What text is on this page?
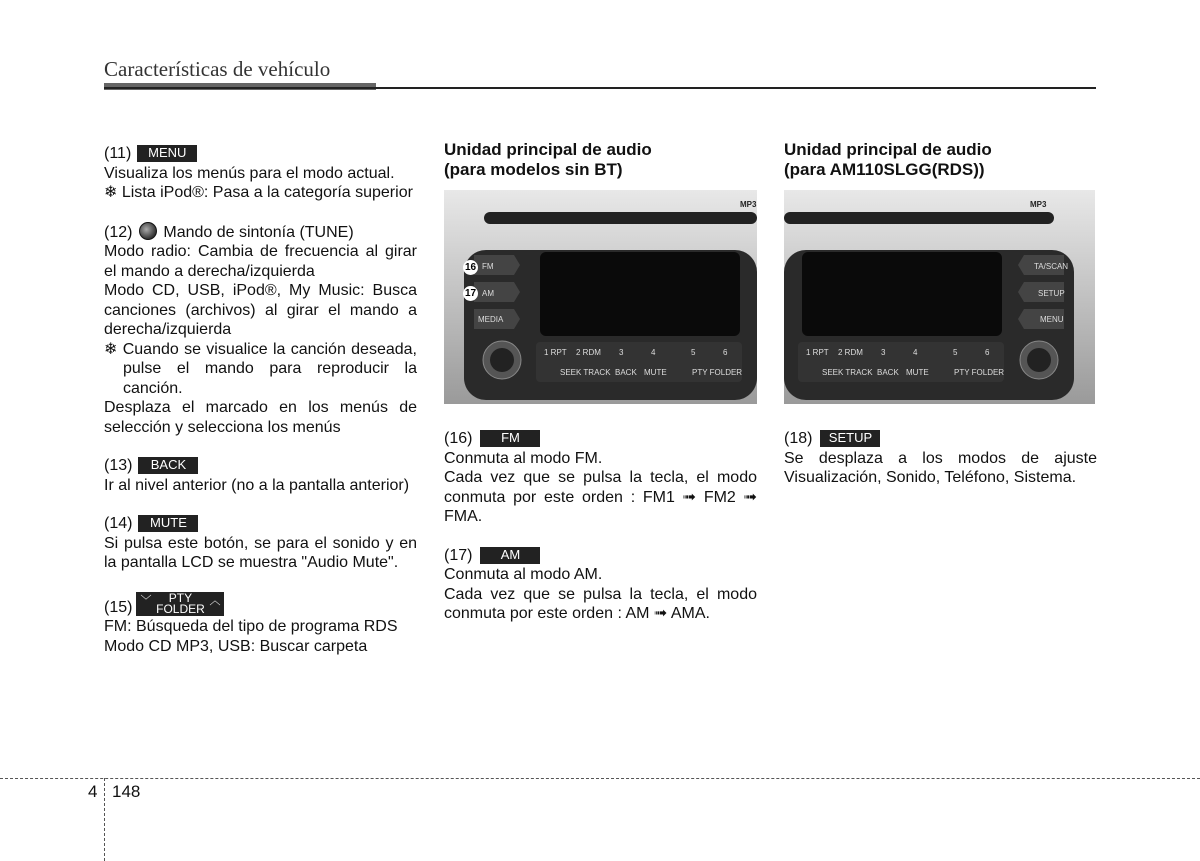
Características de vehículo

(11) MENU

Visualiza los menús para el modo actual.

❄ Lista iPod®: Pasa a la categoría superior

(12) Mando de sintonía (TUNE)

Modo radio: Cambia de frecuencia al girar el mando a derecha/izquierda

Modo CD, USB, iPod®, My Music: Busca canciones (archivos) al girar el mando a derecha/izquierda

❄ Cuando se visualice la canción deseada, pulse el mando para reproducir la canción.

Desplaza el marcado en los menús de selección y selecciona los menús

(13) BACK

Ir al nivel anterior (no a la pantalla anterior)

(14) MUTE

Si pulsa este botón, se para el sonido y en la pantalla LCD se muestra "Audio Mute".

(15) ﹀	PTY
FOLDER
︿

FM: Búsqueda del tipo de programa RDS

Modo CD MP3, USB: Buscar carpeta

Unidad principal de audio

(para modelos sin BT)

FM
AM
MEDIA
16
17
1 RPT 2 RDM 3	4	5	6
SEEK TRACK BACK MUTE	PTY FOLDER
MP3

(16) FM

Conmuta al modo FM.

Cada vez que se pulsa la tecla, el modo conmuta por este orden : FM1 ➟ FM2 ➟ FMA.

(17) AM

Conmuta al modo AM.

Cada vez que se pulsa la tecla, el modo conmuta por este orden : AM ➟ AMA.

Unidad principal de audio

(para AM110SLGG(RDS))

TA/SCAN
SETUP
MENU
1 RPT 2 RDM 3	4	5	6
SEEK TRACK BACK MUTE	PTY FOLDER
MP3

(18) SETUP

Se desplaza a los modos de ajuste Visualización, Sonido, Teléfono, Sistema.

4 148
